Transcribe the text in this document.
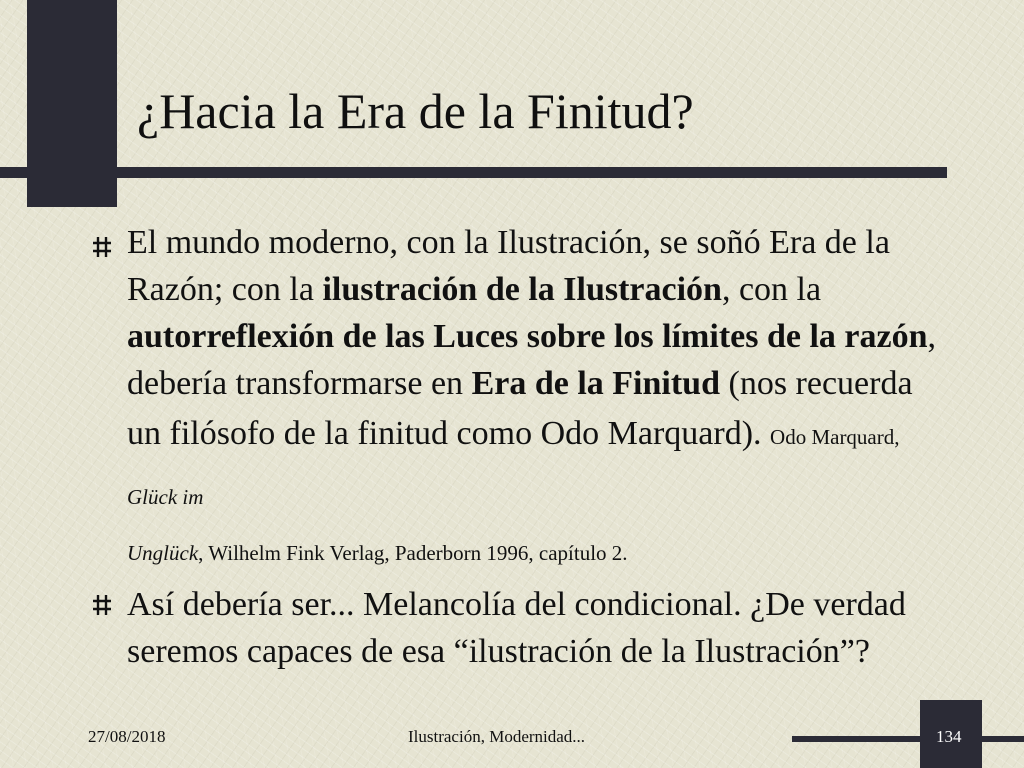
¿Hacia la Era de la Finitud?

El mundo moderno, con la Ilustración, se soñó Era de la Razón; con la ilustración de la Ilustración, con la autorreflexión de las Luces sobre los límites de la razón, debería transformarse en Era de la Finitud (nos recuerda un filósofo de la finitud como Odo Marquard). Odo Marquard, Glück im
Unglück, Wilhelm Fink Verlag, Paderborn 1996, capítulo 2.

Así debería ser... Melancolía del condicional. ¿De verdad seremos capaces de esa “ilustración de la Ilustración”?

27/08/2018	Ilustración, Modernidad...	134
